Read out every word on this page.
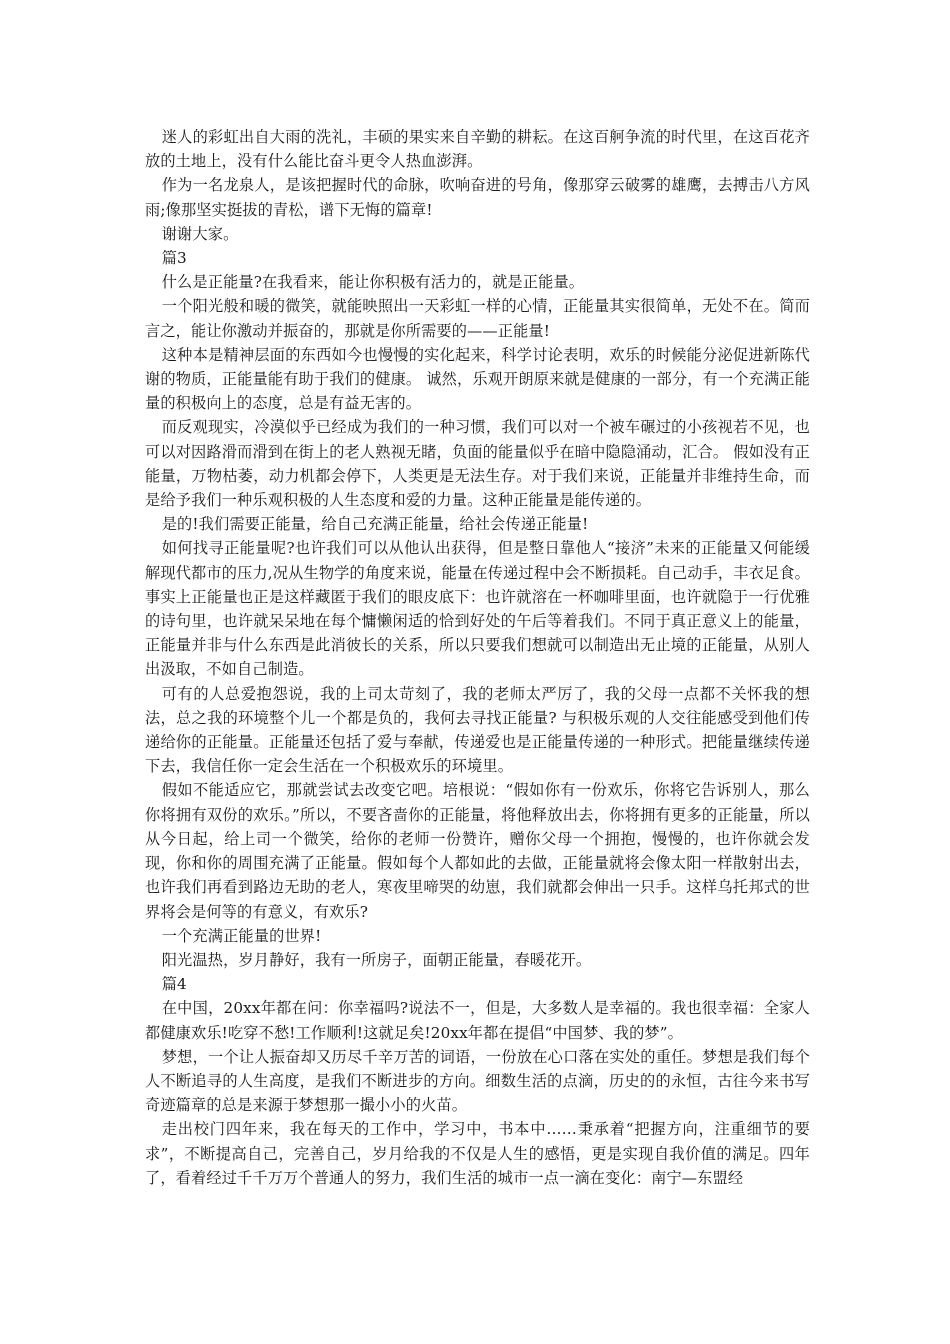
迷人的彩虹出自大雨的洗礼，丰硕的果实来自辛勤的耕耘。在这百舸争流的时代里，在这百花齐放的土地上，没有什么能比奋斗更令人热血澎湃。

作为一名龙泉人，是该把握时代的命脉，吹响奋进的号角，像那穿云破雾的雄鹰，去搏击八方风雨;像那坚实挺拔的青松，谱下无悔的篇章!

谢谢大家。

篇3

什么是正能量?在我看来，能让你积极有活力的，就是正能量。

一个阳光般和暖的微笑，就能映照出一天彩虹一样的心情，正能量其实很简单，无处不在。简而言之，能让你激动并振奋的，那就是你所需要的——正能量!

这种本是精神层面的东西如今也慢慢的实化起来，科学讨论表明，欢乐的时候能分泌促进新陈代谢的物质，正能量能有助于我们的健康。 诚然，乐观开朗原来就是健康的一部分，有一个充满正能量的积极向上的态度，总是有益无害的。

而反观现实，冷漠似乎已经成为我们的一种习惯，我们可以对一个被车碾过的小孩视若不见，也可以对因路滑而滑到在街上的老人熟视无睹，负面的能量似乎在暗中隐隐涌动，汇合。 假如没有正能量，万物枯萎，动力机都会停下，人类更是无法生存。对于我们来说，正能量并非维持生命，而是给予我们一种乐观积极的人生态度和爱的力量。这种正能量是能传递的。

是的!我们需要正能量，给自己充满正能量，给社会传递正能量!

如何找寻正能量呢?也许我们可以从他认出获得，但是整日靠他人“接济”未来的正能量又何能缓解现代都市的压力,况从生物学的角度来说，能量在传递过程中会不断损耗。自己动手，丰衣足食。事实上正能量也正是这样藏匿于我们的眼皮底下：也许就溶在一杯咖啡里面，也许就隐于一行优雅的诗句里，也许就呆呆地在每个慵懒闲适的恰到好处的午后等着我们。不同于真正意义上的能量，正能量并非与什么东西是此消彼长的关系，所以只要我们想就可以制造出无止境的正能量，从别人出汲取，不如自己制造。

可有的人总爱抱怨说，我的上司太苛刻了，我的老师太严厉了，我的父母一点都不关怀我的想法，总之我的环境整个儿一个都是负的，我何去寻找正能量? 与积极乐观的人交往能感受到他们传递给你的正能量。正能量还包括了爱与奉献，传递爱也是正能量传递的一种形式。把能量继续传递下去，我信任你一定会生活在一个积极欢乐的环境里。

假如不能适应它，那就尝试去改变它吧。培根说：“假如你有一份欢乐，你将它告诉别人，那么你将拥有双份的欢乐。”所以，不要吝啬你的正能量，将他释放出去，你将拥有更多的正能量，所以从今日起，给上司一个微笑，给你的老师一份赞许，赠你父母一个拥抱，慢慢的，也许你就会发现，你和你的周围充满了正能量。假如每个人都如此的去做，正能量就将会像太阳一样散射出去，也许我们再看到路边无助的老人，寒夜里啼哭的幼崽，我们就都会伸出一只手。这样乌托邦式的世界将会是何等的有意义，有欢乐?

一个充满正能量的世界!

阳光温热，岁月静好，我有一所房子，面朝正能量，春暖花开。

篇4

在中国，20xx年都在问：你幸福吗?说法不一，但是，大多数人是幸福的。我也很幸福：全家人都健康欢乐!吃穿不愁!工作顺利!这就足矣!20xx年都在提倡“中国梦、我的梦”。

梦想，一个让人振奋却又历尽千辛万苦的词语，一份放在心口落在实处的重任。梦想是我们每个人不断追寻的人生高度，是我们不断进步的方向。细数生活的点滴，历史的的永恒，古往今来书写奇迹篇章的总是来源于梦想那一撮小小的火苗。

走出校门四年来，我在每天的工作中，学习中，书本中……秉承着“把握方向，注重细节的要求”，不断提高自己，完善自己，岁月给我的不仅是人生的感悟，更是实现自我价值的满足。四年了，看着经过千千万万个普通人的努力，我们生活的城市一点一滴在变化：南宁—东盟经
